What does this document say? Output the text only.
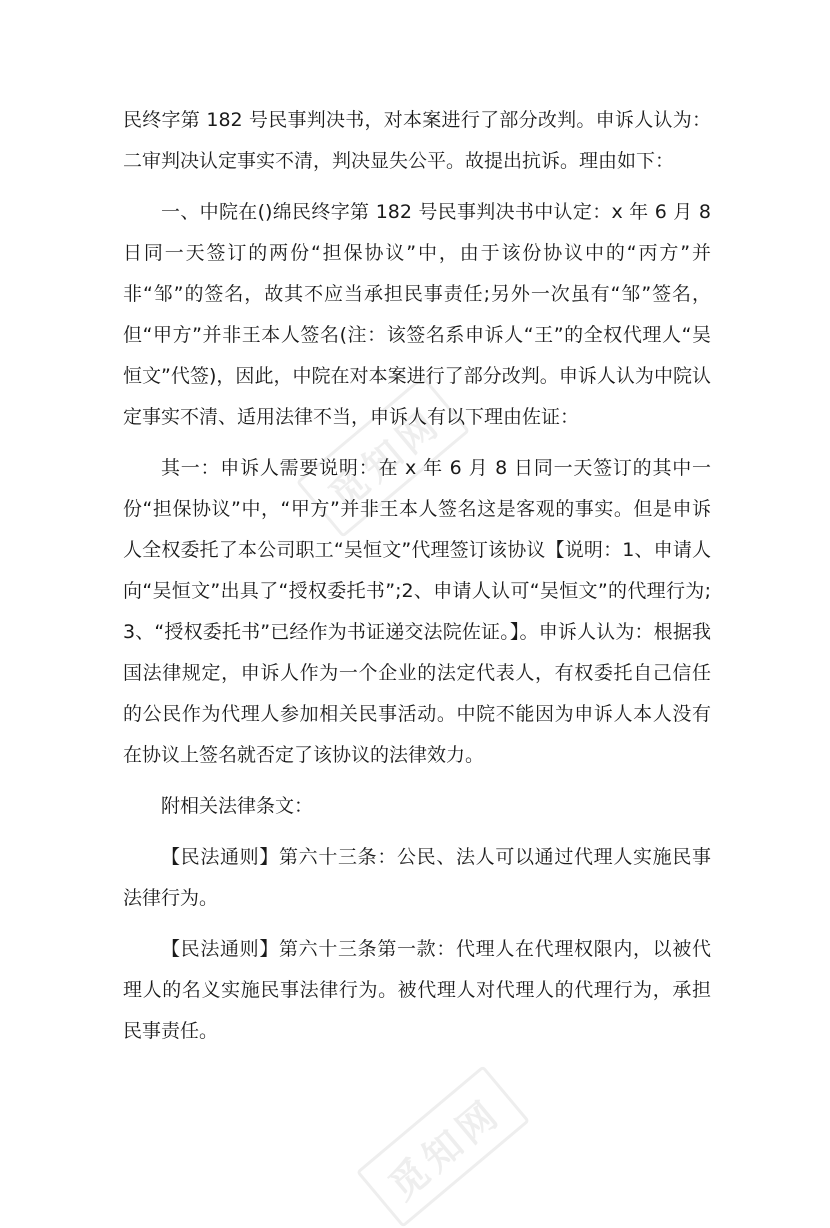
觅知网
觅知网

民终字第 182 号民事判决书，对本案进行了部分改判。申诉人认为：二审判决认定事实不清，判决显失公平。故提出抗诉。理由如下：

一、中院在()绵民终字第 182 号民事判决书中认定：x 年 6 月 8 日同一天签订的两份“担保协议”中，由于该份协议中的“丙方”并非“邹”的签名，故其不应当承担民事责任;另外一次虽有“邹”签名，但“甲方”并非王本人签名(注：该签名系申诉人“王”的全权代理人“吴恒文”代签)，因此，中院在对本案进行了部分改判。申诉人认为中院认定事实不清、适用法律不当，申诉人有以下理由佐证：

其一：申诉人需要说明：在 x 年 6 月 8 日同一天签订的其中一份“担保协议”中，“甲方”并非王本人签名这是客观的事实。但是申诉人全权委托了本公司职工“吴恒文”代理签订该协议【说明：1、申请人向“吴恒文”出具了“授权委托书”;2、申请人认可“吴恒文”的代理行为;3、“授权委托书”已经作为书证递交法院佐证。】。申诉人认为：根据我国法律规定，申诉人作为一个企业的法定代表人，有权委托自己信任的公民作为代理人参加相关民事活动。中院不能因为申诉人本人没有在协议上签名就否定了该协议的法律效力。

附相关法律条文：

【民法通则】第六十三条：公民、法人可以通过代理人实施民事法律行为。

【民法通则】第六十三条第一款：代理人在代理权限内，以被代理人的名义实施民事法律行为。被代理人对代理人的代理行为，承担民事责任。
